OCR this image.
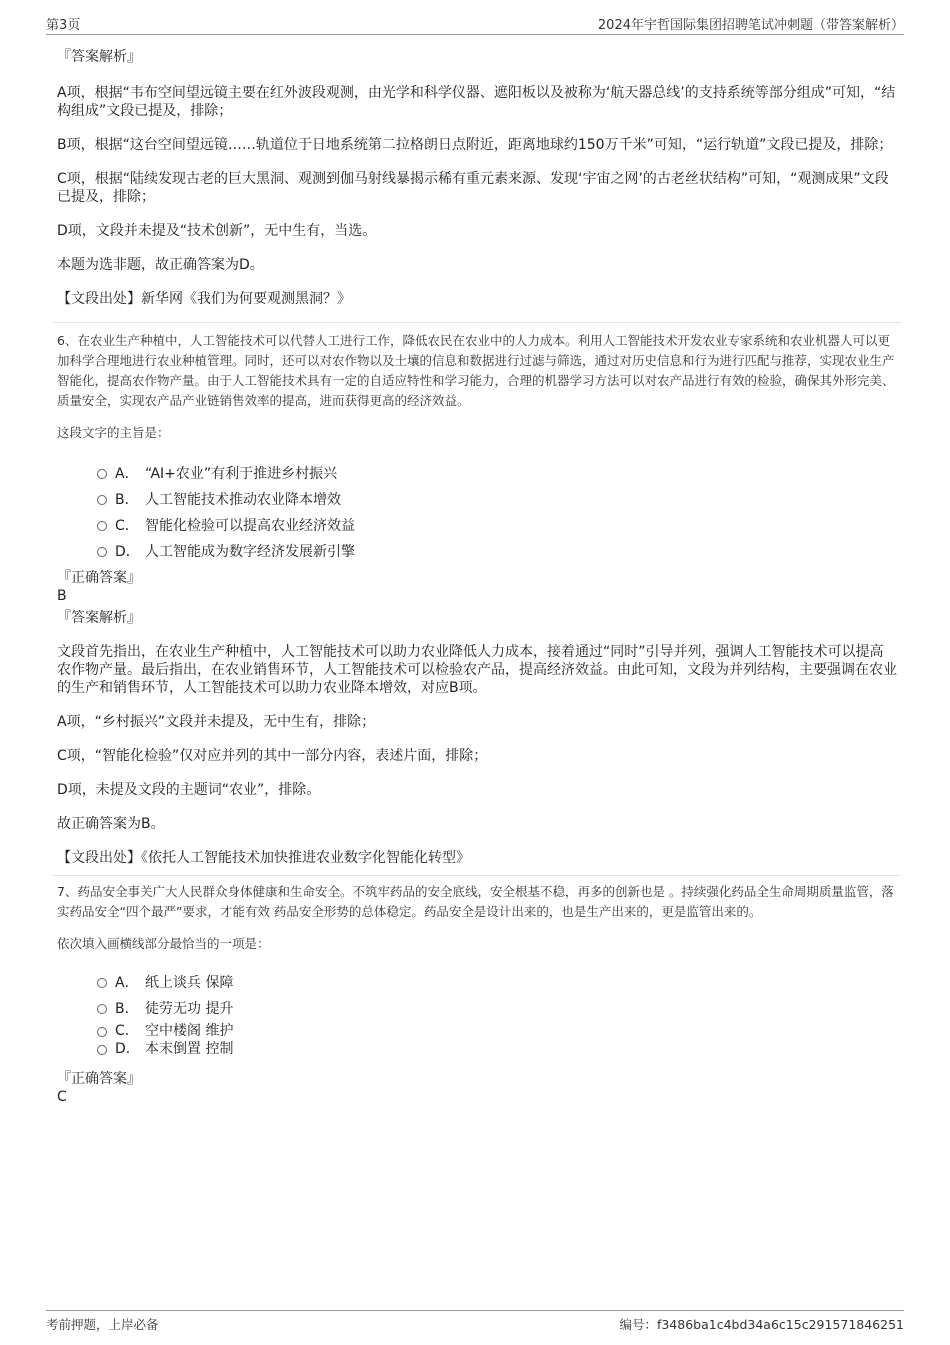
第3页	2024年宇哲国际集团招聘笔试冲刺题（带答案解析）
『答案解析』

A项，根据“韦布空间望远镜主要在红外波段观测，由光学和科学仪器、遮阳板以及被称为‘航天器总线’的支持系统等部分组成”可知，“结构组成”文段已提及，排除；

B项，根据“这台空间望远镜……轨道位于日地系统第二拉格朗日点附近，距离地球约150万千米”可知，“运行轨道”文段已提及，排除；

C项，根据“陆续发现古老的巨大黑洞、观测到伽马射线暴揭示稀有重元素来源、发现‘宇宙之网’的古老丝状结构”可知，“观测成果”文段已提及，排除；

D项，文段并未提及“技术创新”，无中生有，当选。

本题为选非题，故正确答案为D。

【文段出处】新华网《我们为何要观测黑洞？》

6、在农业生产种植中，人工智能技术可以代替人工进行工作，降低农民在农业中的人力成本。利用人工智能技术开发农业专家系统和农业机器人可以更加科学合理地进行农业种植管理。同时，还可以对农作物以及土壤的信息和数据进行过滤与筛选，通过对历史信息和行为进行匹配与推荐，实现农业生产智能化，提高农作物产量。由于人工智能技术具有一定的自适应特性和学习能力，合理的机器学习方法可以对农产品进行有效的检验，确保其外形完美、质量安全，实现农产品产业链销售效率的提高，进而获得更高的经济效益。

这段文字的主旨是：

A． “AI+农业”有利于推进乡村振兴
B． 人工智能技术推动农业降本增效
C． 智能化检验可以提高农业经济效益
D． 人工智能成为数字经济发展新引擎
『正确答案』
B
『答案解析』

文段首先指出，在农业生产种植中，人工智能技术可以助力农业降低人力成本，接着通过“同时”引导并列，强调人工智能技术可以提高农作物产量。最后指出，在农业销售环节，人工智能技术可以检验农产品，提高经济效益。由此可知，文段为并列结构，主要强调在农业的生产和销售环节，人工智能技术可以助力农业降本增效，对应B项。

A项，“乡村振兴”文段并未提及，无中生有，排除；

C项，“智能化检验”仅对应并列的其中一部分内容，表述片面，排除；

D项，未提及文段的主题词“农业”，排除。

故正确答案为B。

【文段出处】《依托人工智能技术加快推进农业数字化智能化转型》

7、药品安全事关广大人民群众身体健康和生命安全。不筑牢药品的安全底线，安全根基不稳，再多的创新也是 。持续强化药品全生命周期质量监管，落实药品安全“四个最严”要求，才能有效 药品安全形势的总体稳定。药品安全是设计出来的，也是生产出来的，更是监管出来的。

依次填入画横线部分最恰当的一项是：

A． 纸上谈兵 保障
B． 徒劳无功 提升
C． 空中楼阁 维护
D． 本末倒置 控制
『正确答案』
C
考前押题，上岸必备	编号：f3486ba1c4bd34a6c15c291571846251
